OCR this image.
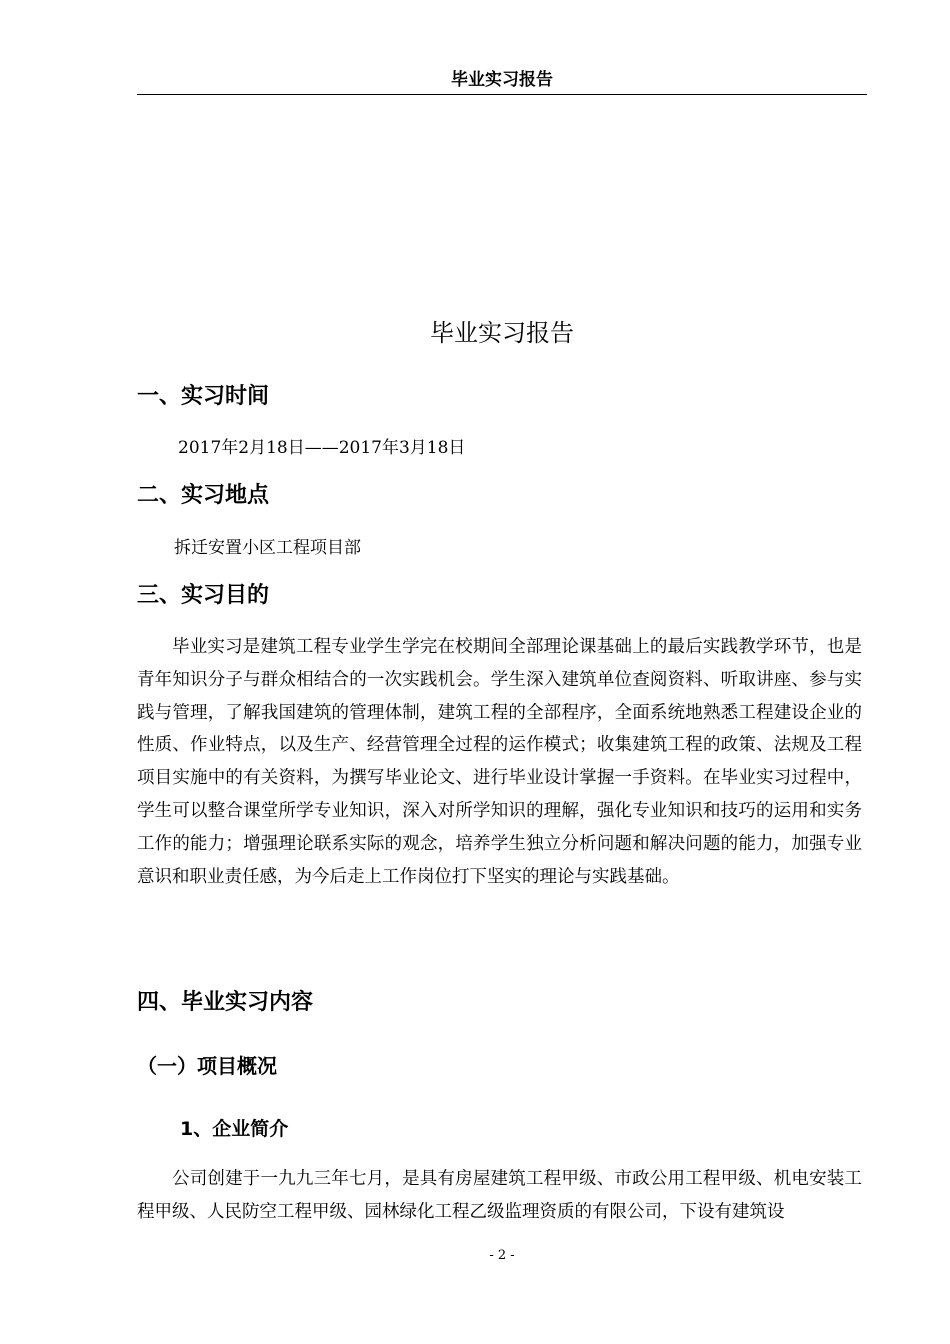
毕业实习报告
毕业实习报告
一、实习时间
2017年2月18日——2017年3月18日
二、实习地点
拆迁安置小区工程项目部
三、实习目的
毕业实习是建筑工程专业学生学完在校期间全部理论课基础上的最后实践教学环节，也是青年知识分子与群众相结合的一次实践机会。学生深入建筑单位查阅资料、听取讲座、参与实践与管理，了解我国建筑的管理体制，建筑工程的全部程序，全面系统地熟悉工程建设企业的性质、作业特点，以及生产、经营管理全过程的运作模式；收集建筑工程的政策、法规及工程项目实施中的有关资料，为撰写毕业论文、进行毕业设计掌握一手资料。在毕业实习过程中，学生可以整合课堂所学专业知识，深入对所学知识的理解，强化专业知识和技巧的运用和实务工作的能力；增强理论联系实际的观念，培养学生独立分析问题和解决问题的能力，加强专业意识和职业责任感，为今后走上工作岗位打下坚实的理论与实践基础。
四、毕业实习内容
（一）项目概况
1、企业简介
公司创建于一九九三年七月，是具有房屋建筑工程甲级、市政公用工程甲级、机电安装工程甲级、人民防空工程甲级、园林绿化工程乙级监理资质的有限公司，下设有建筑设
- 2 -
